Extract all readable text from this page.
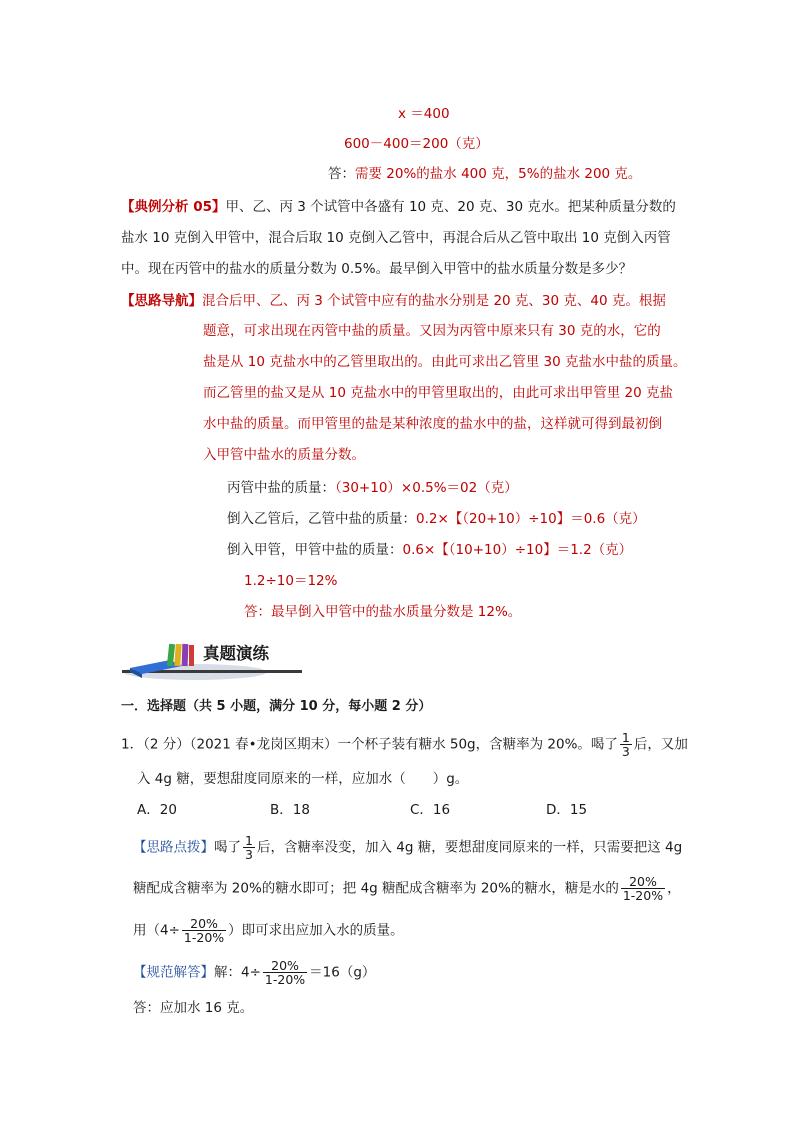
x ＝400
600－400＝200（克）
答：需要 20%的盐水 400 克，5%的盐水 200 克。
【典例分析 05】甲、乙、丙 3 个试管中各盛有 10 克、20 克、30 克水。把某种质量分数的
盐水 10 克倒入甲管中，混合后取 10 克倒入乙管中，再混合后从乙管中取出 10 克倒入丙管
中。现在丙管中的盐水的质量分数为 0.5%。最早倒入甲管中的盐水质量分数是多少？
【思路导航】混合后甲、乙、丙 3 个试管中应有的盐水分别是 20 克、30 克、40 克。根据
题意，可求出现在丙管中盐的质量。又因为丙管中原来只有 30 克的水，它的
盐是从 10 克盐水中的乙管里取出的。由此可求出乙管里 30 克盐水中盐的质量。
而乙管里的盐又是从 10 克盐水中的甲管里取出的，由此可求出甲管里 20 克盐
水中盐的质量。而甲管里的盐是某种浓度的盐水中的盐，这样就可得到最初倒
入甲管中盐水的质量分数。
丙管中盐的质量：（30+10）×0.5%＝02（克）
倒入乙管后，乙管中盐的质量：0.2×【（20+10）÷10】＝0.6（克）
倒入甲管，甲管中盐的质量：0.6×【（10+10）÷10】＝1.2（克）
1.2÷10＝12%
答：最早倒入甲管中的盐水质量分数是 12%。
真题演练
一．选择题（共 5 小题，满分 10 分，每小题 2 分）
1．（2 分）（2021 春•龙岗区期末）一个杯子装有糖水 50g，含糖率为 20%。喝了 $\frac{1}{3}$ 后，又加
入 4g 糖，要想甜度同原来的一样，应加水（　　）g。
A．20	B．18	C．16	D．15
【思路点拨】喝了 $\frac{1}{3}$ 后，含糖率没变，加入 4g 糖，要想甜度同原来的一样，只需要把这 4g
糖配成含糖率为 20%的糖水即可；把 4g 糖配成含糖率为 20%的糖水，糖是水的 $\frac{20\%}{1-20\%}$ ，
用（$4\div \frac{20\%}{1-20\%}$ ）即可求出应加入水的质量。
【规范解答】解：$4\div \frac{20\%}{1-20\%} =16(g)$
答：应加水 16 克。
